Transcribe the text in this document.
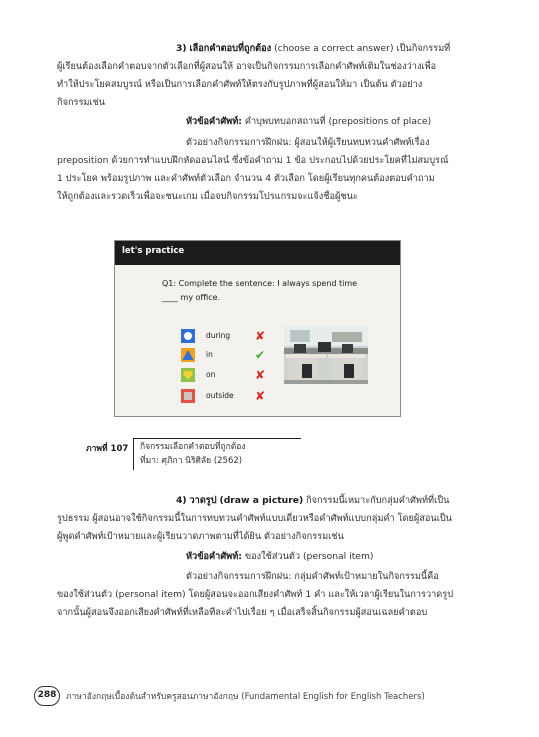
3) เลือกคำตอบที่ถูกต้อง (choose a correct answer) เป็นกิจกรรมที่
ผู้เรียนต้องเลือกคำตอบจากตัวเลือกที่ผู้สอนให้ อาจเป็นกิจกรรมการเลือกคำศัพท์เติมในช่องว่างเพื่อ
ทำให้ประโยคสมบูรณ์ หรือเป็นการเลือกคำศัพท์ให้ตรงกับรูปภาพที่ผู้สอนให้มา เป็นต้น ตัวอย่าง
กิจกรรมเช่น
หัวข้อคำศัพท์: คำบุพบทบอกสถานที่ (prepositions of place)
ตัวอย่างกิจกรรมการฝึกฝน: ผู้สอนให้ผู้เรียนทบทวนคำศัพท์เรื่อง
preposition ด้วยการทำแบบฝึกหัดออนไลน์ ซึ่งข้อคำถาม 1 ข้อ ประกอบไปด้วยประโยคที่ไม่สมบูรณ์
1 ประโยค พร้อมรูปภาพ และคำศัพท์ตัวเลือก จำนวน 4 ตัวเลือก โดยผู้เรียนทุกคนต้องตอบคำถาม
ให้ถูกต้องและรวดเร็วเพื่อจะชนะเกม เมื่อจบกิจกรรมโปรแกรมจะแจ้งชื่อผู้ชนะ
let's practice
Q1: Complete the sentence: I always spend time
____ my office.
during ✘
in	✔
on	✘
outside ✘
ภาพที่ 107 กิจกรรมเลือกคำตอบที่ถูกต้อง
ที่มา: ศุภิกา นิริศิลัย (2562)
4) วาดรูป (draw a picture) กิจกรรมนี้เหมาะกับกลุ่มคำศัพท์ที่เป็น
รูปธรรม ผู้สอนอาจใช้กิจกรรมนี้ในการทบทวนคำศัพท์แบบเดี่ยวหรือคำศัพท์แบบกลุ่มคำ โดยผู้สอนเป็น
ผู้พูดคำศัพท์เป้าหมายและผู้เรียนวาดภาพตามที่ได้ยิน ตัวอย่างกิจกรรมเช่น
หัวข้อคำศัพท์: ของใช้ส่วนตัว (personal item)
ตัวอย่างกิจกรรมการฝึกฝน: กลุ่มคำศัพท์เป้าหมายในกิจกรรมนี้คือ
ของใช้ส่วนตัว (personal item) โดยผู้สอนจะออกเสียงคำศัพท์ 1 คำ และให้เวลาผู้เรียนในการวาดรูป
จากนั้นผู้สอนจึงออกเสียงคำศัพท์ที่เหลือทีละคำไปเรื่อย ๆ เมื่อเสร็จสิ้นกิจกรรมผู้สอนเฉลยคำตอบ
288	ภาษาอังกฤษเบื้องต้นสำหรับครูสอนภาษาอังกฤษ (Fundamental English for English Teachers)
